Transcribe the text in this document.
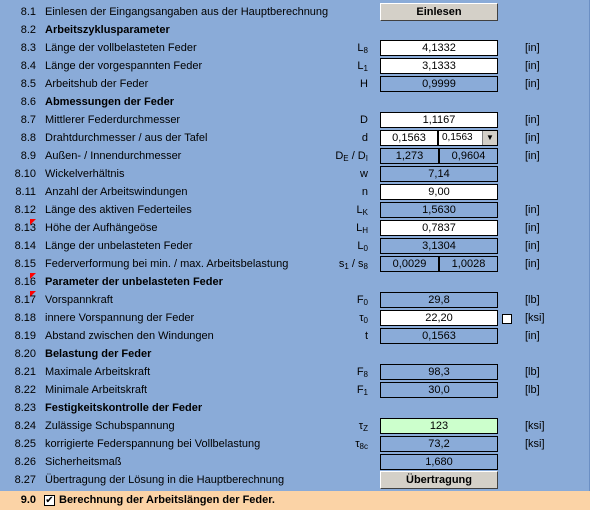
8.1 Einlesen der Eingangsangaben aus der Hauptberechnung	Einlesen
8.2 Arbeitszyklusparameter
8.3 Länge der vollbelasteten Feder	$L_8$	4,1332	[in]
8.4 Länge der vorgespannten Feder	$L_1$	3,1333	[in]
8.5 Arbeitshub der Feder	H	0,9999	[in]
8.6 Abmessungen der Feder
8.7 Mittlerer Federdurchmesser	D	1,1167	[in]
8.8 Drahtdurchmesser / aus der Tafel	d	0,1563	0,1563	▼	[in]
8.9 Außen- / Innendurchmesser	$D_E / D_I$	1,273	0,9604	[in]
8.10 Wickelverhältnis	w	7,14
8.11 Anzahl der Arbeitswindungen	n	9,00
8.12 Länge des aktiven Federteiles	$L_K$	1,5630	[in]
8.13 Höhe der Aufhängeöse	$L_H$	0,7837	[in]
8.14 Länge der unbelasteten Feder	$L_0$	3,1304	[in]
8.15 Federverformung bei min. / max. Arbeitsbelastung	$s_1 / s_8$	0,0029	1,0028	[in]
8.16 Parameter der unbelasteten Feder
8.17 Vorspannkraft	$F_0$	29,8	[lb]
8.18 innere Vorspannung der Feder	$\tau_0$	22,20	[ksi]
8.19 Abstand zwischen den Windungen	t	0,1563	[in]
8.20 Belastung der Feder
8.21 Maximale Arbeitskraft	$F_8$	98,3	[lb]
8.22 Minimale Arbeitskraft	$F_1$	30,0	[lb]
8.23 Festigkeitskontrolle der Feder
8.24 Zulässige Schubspannung	$\tau_Z$	123	[ksi]
8.25 korrigierte Federspannung bei Vollbelastung	$\tau_{8c}$	73,2	[ksi]
8.26 Sicherheitsmaß	1,680
8.27 Übertragung der Lösung in die Hauptberechnung	Übertragung
9.0 ✔ Berechnung der Arbeitslängen der Feder.
